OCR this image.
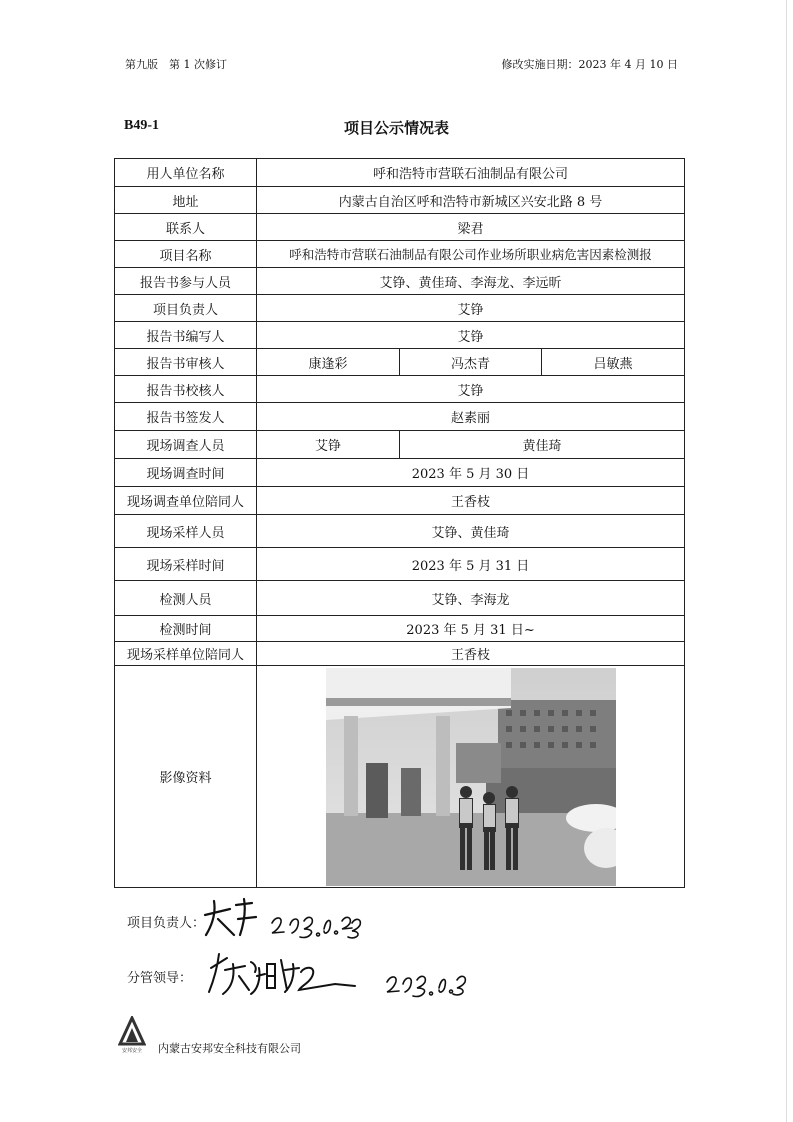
第九版　第 1 次修订	修改实施日期：2023 年 4 月 10 日
B49-1	项目公示情况表
用人单位名称	呼和浩特市营联石油制品有限公司		
地址	内蒙古自治区呼和浩特市新城区兴安北路 8 号		
联系人	梁君		
项目名称	呼和浩特市营联石油制品有限公司作业场所职业病危害因素检测报		
报告书参与人员	艾铮、黄佳琦、李海龙、李远昕		
项目负责人	艾铮		
报告书编写人	艾铮		
报告书审核人	康逢彩	冯杰青	吕敏燕
报告书校核人	艾铮		
报告书签发人	赵素丽		
现场调查人员	艾铮	黄佳琦	
现场调查时间	2023 年 5 月 30 日		
现场调查单位陪同人	王香枝		
现场采样人员	艾铮、黄佳琦		
现场采样时间	2023 年 5 月 31 日		
检测人员	艾铮、李海龙		
检测时间	2023 年 5 月 31 日~		
现场采样单位陪同人	王香枝		
影像资料	
项目负责人：
分管领导：
安邦安全 内蒙古安邦安全科技有限公司
